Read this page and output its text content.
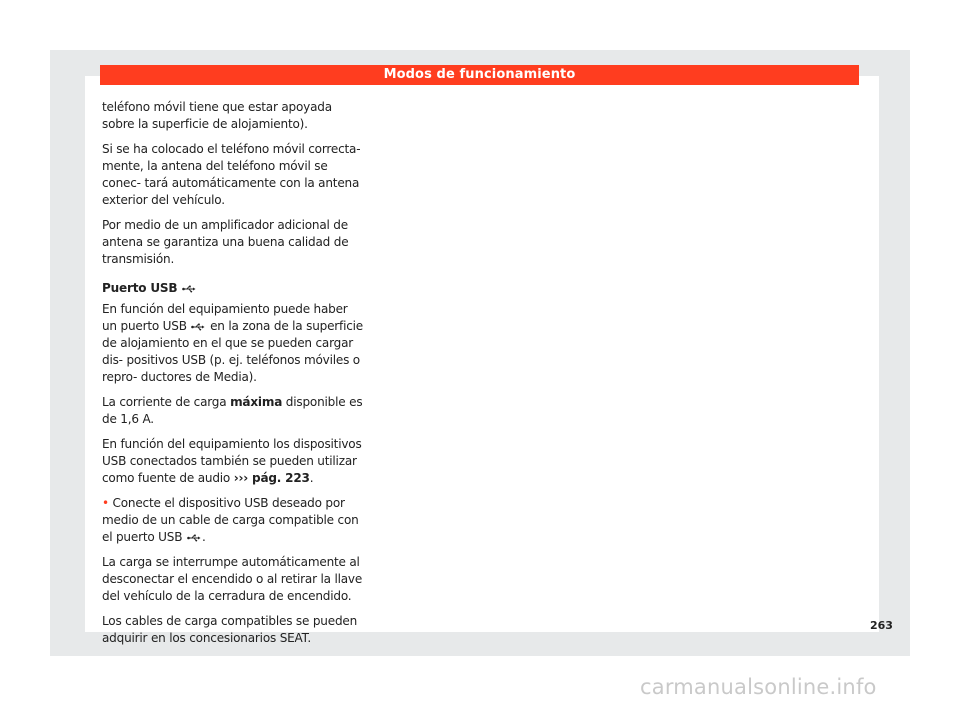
Modos de funcionamiento

teléfono móvil tiene que estar apoyada sobre la superficie de alojamiento).

Si se ha colocado el teléfono móvil correcta- mente, la antena del teléfono móvil se conec- tará automáticamente con la antena exterior del vehículo.

Por medio de un amplificador adicional de antena se garantiza una buena calidad de transmisión.

Puerto USB

En función del equipamiento puede haber un puerto USB en la zona de la superficie de alojamiento en el que se pueden cargar dis- positivos USB (p. ej. teléfonos móviles o repro- ductores de Media).

La corriente de carga máxima disponible es de 1,6 A.

En función del equipamiento los dispositivos USB conectados también se pueden utilizar como fuente de audio ››› pág. 223.

• Conecte el dispositivo USB deseado por medio de un cable de carga compatible con el puerto USB .

La carga se interrumpe automáticamente al desconectar el encendido o al retirar la llave del vehículo de la cerradura de encendido.

Los cables de carga compatibles se pueden adquirir en los concesionarios SEAT.

263
carmanualsonline.info
